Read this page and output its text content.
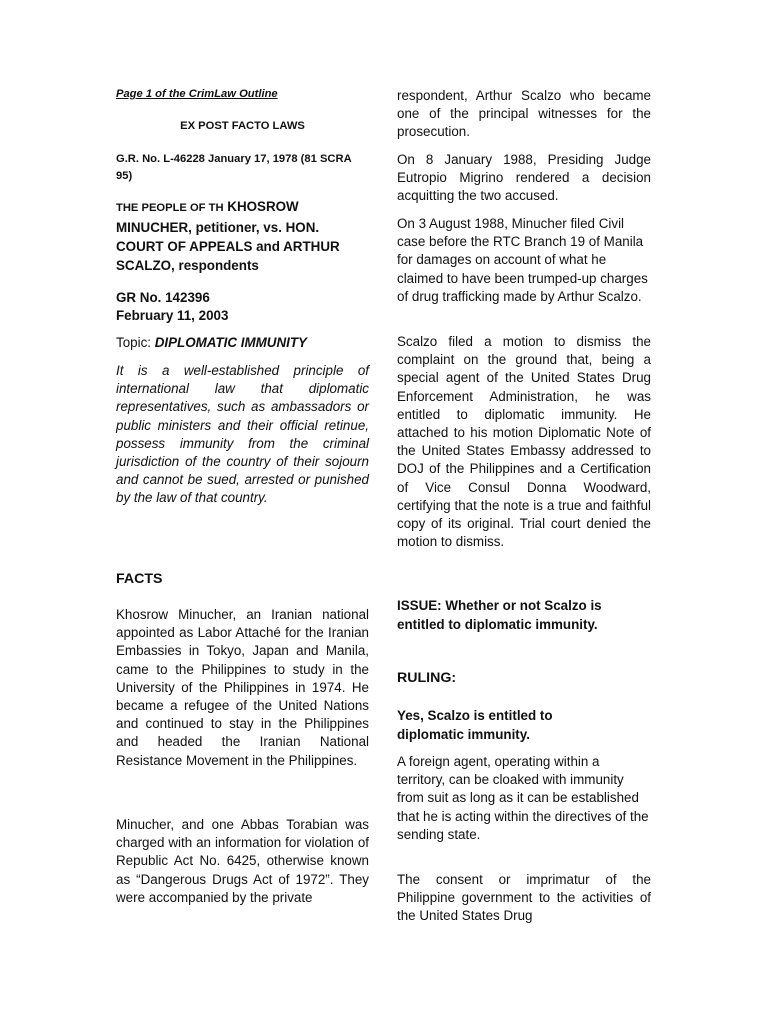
Page 1 of the CrimLaw Outline

EX POST FACTO LAWS

G.R. No. L-46228 January 17, 1978 (81 SCRA 95)

THE PEOPLE OF TH KHOSROW MINUCHER, petitioner, vs. HON. COURT OF APPEALS and ARTHUR SCALZO, respondents

GR No. 142396

February 11, 2003

Topic: DIPLOMATIC IMMUNITY

It is a well-established principle of international law that diplomatic representatives, such as ambassadors or public ministers and their official retinue, possess immunity from the criminal jurisdiction of the country of their sojourn and cannot be sued, arrested or punished by the law of that country.

FACTS

Khosrow Minucher, an Iranian national appointed as Labor Attaché for the Iranian Embassies in Tokyo, Japan and Manila, came to the Philippines to study in the University of the Philippines in 1974. He became a refugee of the United Nations and continued to stay in the Philippines and headed the Iranian National Resistance Movement in the Philippines.

Minucher, and one Abbas Torabian was charged with an information for violation of Republic Act No. 6425, otherwise known as “Dangerous Drugs Act of 1972”. They were accompanied by the private

respondent, Arthur Scalzo who became one of the principal witnesses for the prosecution.

On 8 January 1988, Presiding Judge Eutropio Migrino rendered a decision acquitting the two accused.

On 3 August 1988, Minucher filed Civil case before the RTC Branch 19 of Manila for damages on account of what he claimed to have been trumped-up charges of drug trafficking made by Arthur Scalzo.

Scalzo filed a motion to dismiss the complaint on the ground that, being a special agent of the United States Drug Enforcement Administration, he was entitled to diplomatic immunity. He attached to his motion Diplomatic Note of the United States Embassy addressed to DOJ of the Philippines and a Certification of Vice Consul Donna Woodward, certifying that the note is a true and faithful copy of its original. Trial court denied the motion to dismiss.

ISSUE: Whether or not Scalzo is entitled to diplomatic immunity.

RULING:

Yes, Scalzo is entitled to diplomatic immunity.

A foreign agent, operating within a territory, can be cloaked with immunity from suit as long as it can be established that he is acting within the directives of the sending state.

The consent or imprimatur of the Philippine government to the activities of the United States Drug
